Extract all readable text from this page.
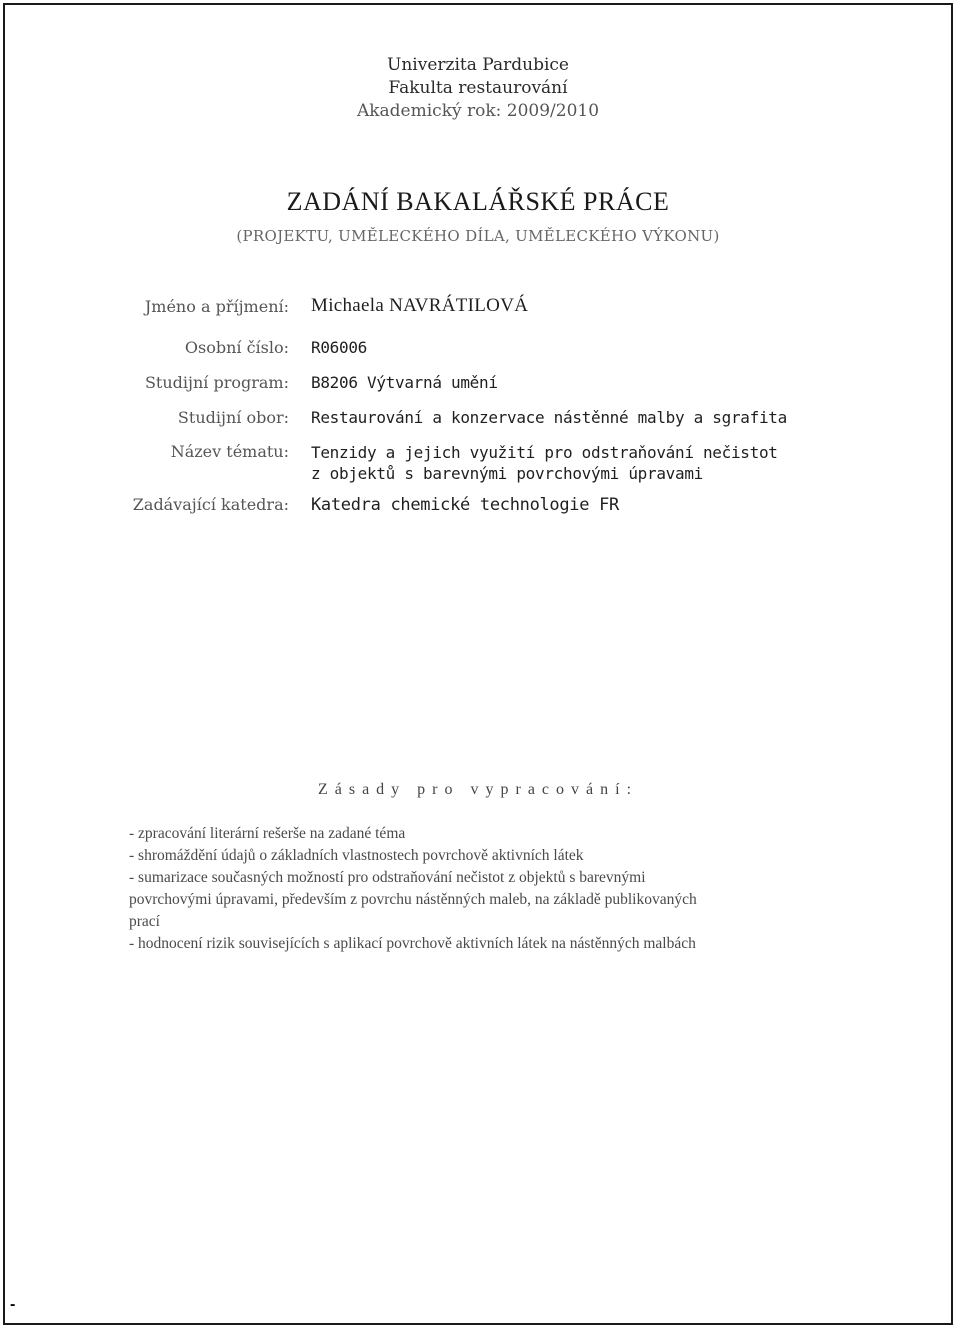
Univerzita Pardubice
Fakulta restaurování
Akademický rok: 2009/2010
ZADÁNÍ BAKALÁŘSKÉ PRÁCE
(PROJEKTU, UMĚLECKÉHO DÍLA, UMĚLECKÉHO VÝKONU)
Jméno a příjmení: Michaela NAVRÁTILOVÁ
Osobní číslo: R06006
Studijní program: B8206 Výtvarná umění
Studijní obor: Restaurování a konzervace nástěnné malby a sgrafita
Název tématu: Tenzidy a jejich využití pro odstraňování nečistot
z objektů s barevnými povrchovými úpravami
Zadávající katedra: Katedra chemické technologie FR
Zásady pro vypracování:
- zpracování literární rešerše na zadané téma
- shromáždění údajů o základních vlastnostech povrchově aktivních látek
- sumarizace současných možností pro odstraňování nečistot z objektů s barevnými
povrchovými úpravami, především z povrchu nástěnných maleb, na základě publikovaných
prací
- hodnocení rizik souvisejících s aplikací povrchově aktivních látek na nástěnných malbách
-
